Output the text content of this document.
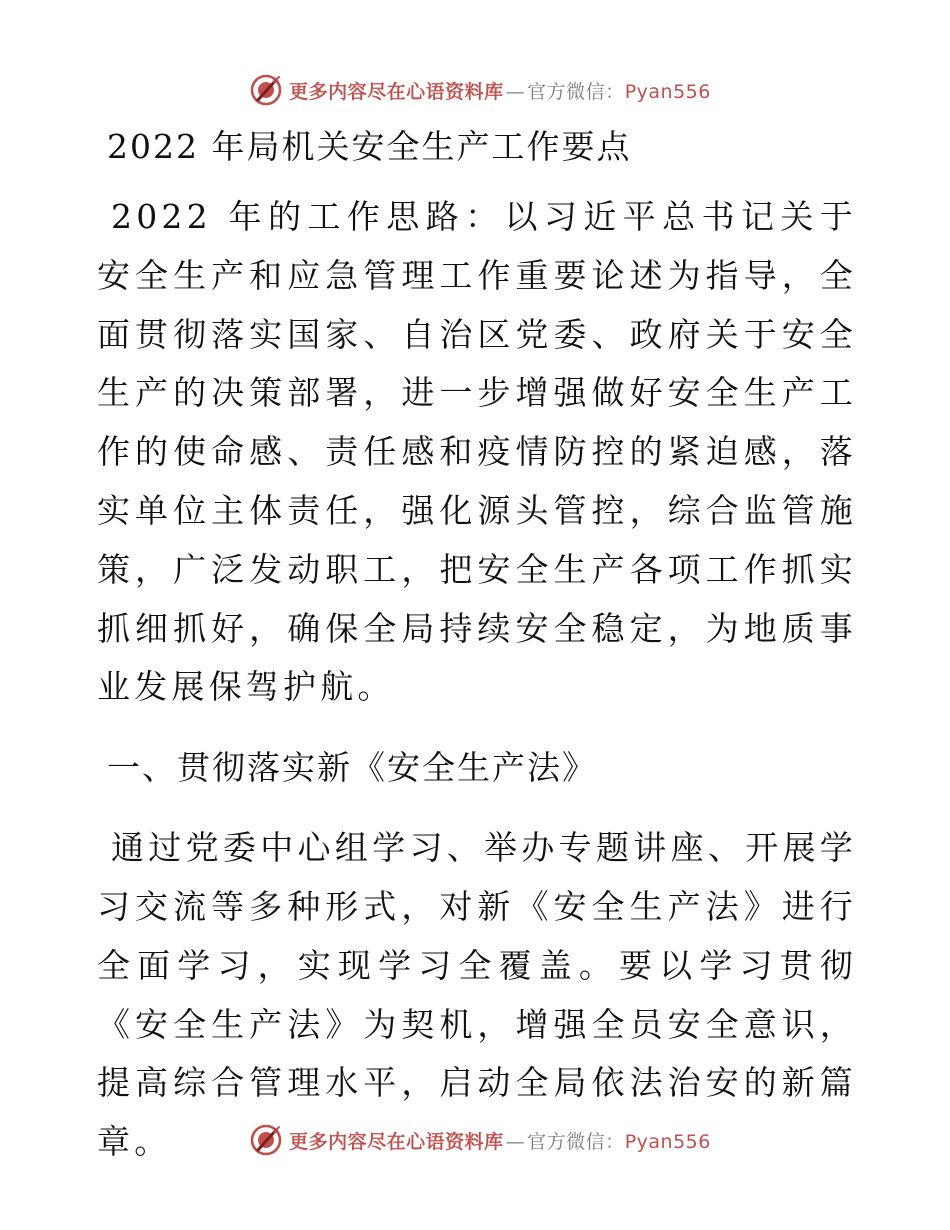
更多内容尽在心语资料库 — 官方微信：Pyan556
2022 年局机关安全生产工作要点

2022 年的工作思路：以习近平总书记关于安全生产和应急管理工作重要论述为指导，全面贯彻落实国家、自治区党委、政府关于安全生产的决策部署，进一步增强做好安全生产工作的使命感、责任感和疫情防控的紧迫感，落实单位主体责任，强化源头管控，综合监管施策，广泛发动职工，把安全生产各项工作抓实抓细抓好，确保全局持续安全稳定，为地质事业发展保驾护航。

一、贯彻落实新《安全生产法》

通过党委中心组学习、举办专题讲座、开展学习交流等多种形式，对新《安全生产法》进行全面学习，实现学习全覆盖。要以学习贯彻《安全生产法》为契机，增强全员安全意识，提高综合管理水平，启动全局依法治安的新篇章。	更多内容尽在心语资料库 — 官方微信：Pyan556
